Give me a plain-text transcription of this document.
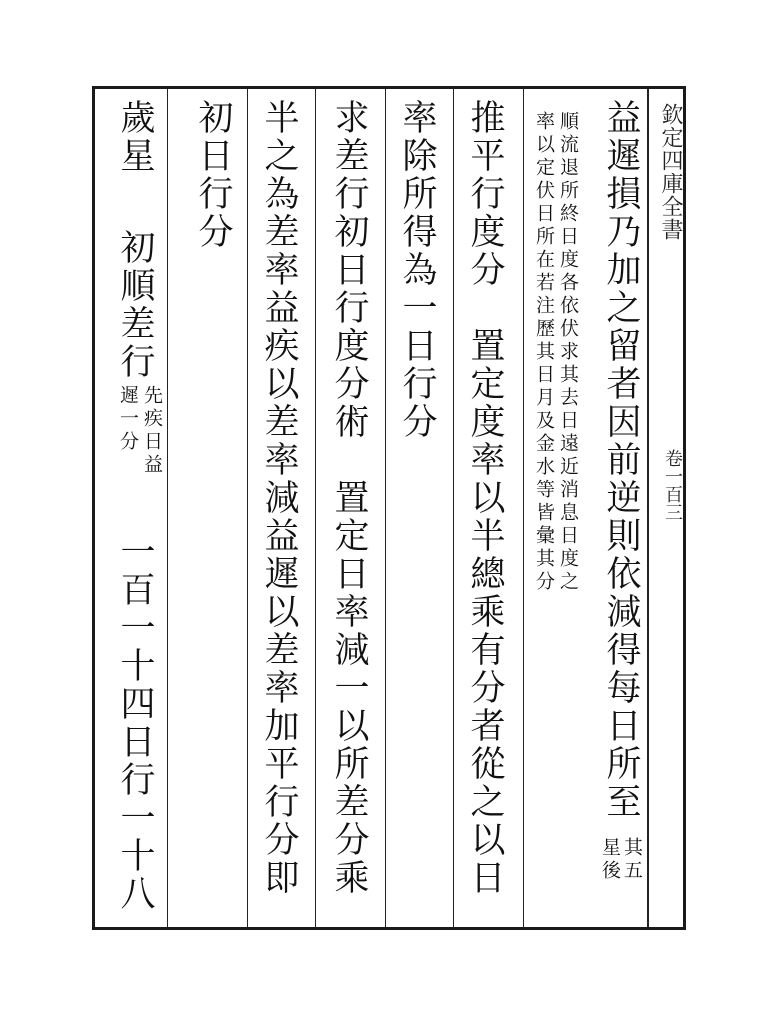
欽定四庫全書
卷一百三
益遲損乃加之留者因前逆則依減得每日所至
其五
星後
順流退所終日度各依伏求其去日遠近消息日度之
率以定伏日所在若注歷其日月及金水等皆彙其分
推平行度分　置定度率以半總乘有分者從之以日
率除所得為一日行分
求差行初日行度分術　置定日率減一以所差分乘
半之為差率益疾以差率減益遲以差率加平行分即
初日行分
歲星
初順差行
先疾日益
遲一分
一百一十四日行一十八
